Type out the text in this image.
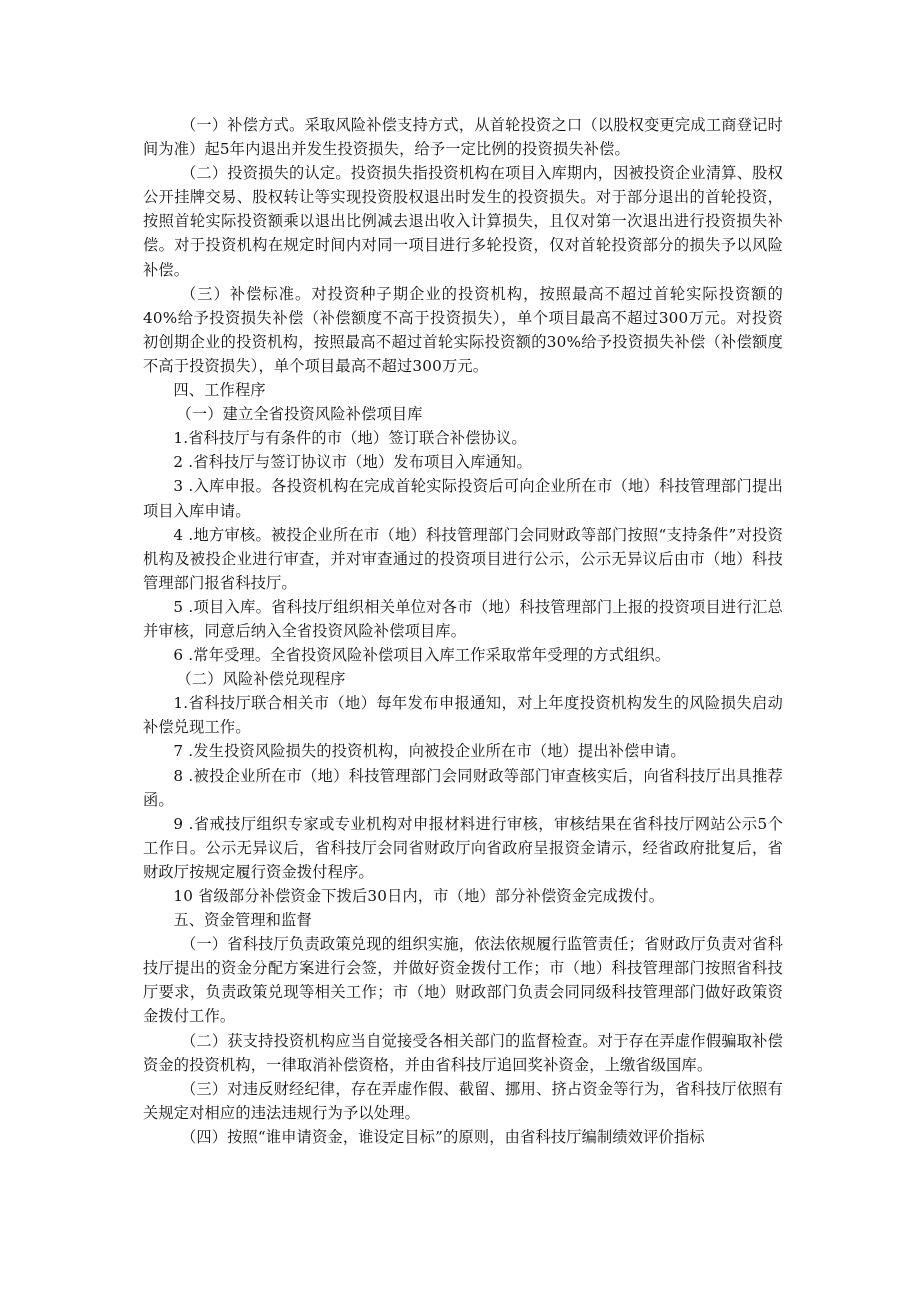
（一）补偿方式。采取风险补偿支持方式，从首轮投资之口（以股权变更完成工商登记时间为准）起5年内退出并发生投资损失，给予一定比例的投资损失补偿。

（二）投资损失的认定。投资损失指投资机构在项目入库期内，因被投资企业清算、股权公开挂牌交易、股权转让等实现投资股权退出时发生的投资损失。对于部分退出的首轮投资，按照首轮实际投资额乘以退出比例减去退出收入计算损失，且仅对第一次退出进行投资损失补偿。对于投资机构在规定时间内对同一项目进行多轮投资，仅对首轮投资部分的损失予以风险补偿。

（三）补偿标准。对投资种子期企业的投资机构，按照最高不超过首轮实际投资额的40%给予投资损失补偿（补偿额度不高于投资损失），单个项目最高不超过300万元。对投资初创期企业的投资机构，按照最高不超过首轮实际投资额的30%给予投资损失补偿（补偿额度不高于投资损失），单个项目最高不超过300万元。

四、工作程序

（一）建立全省投资风险补偿项目库

1.省科技厅与有条件的市（地）签订联合补偿协议。

2 .省科技厅与签订协议市（地）发布项目入库通知。

3 .入库申报。各投资机构在完成首轮实际投资后可向企业所在市（地）科技管理部门提出项目入库申请。

4 .地方审核。被投企业所在市（地）科技管理部门会同财政等部门按照“支持条件”对投资机构及被投企业进行审查，并对审查通过的投资项目进行公示，公示无异议后由市（地）科技管理部门报省科技厅。

5 .项目入库。省科技厅组织相关单位对各市（地）科技管理部门上报的投资项目进行汇总并审核，同意后纳入全省投资风险补偿项目库。

6 .常年受理。全省投资风险补偿项目入库工作采取常年受理的方式组织。

（二）风险补偿兑现程序

1.省科技厅联合相关市（地）每年发布申报通知，对上年度投资机构发生的风险损失启动补偿兑现工作。

7 .发生投资风险损失的投资机构，向被投企业所在市（地）提出补偿申请。

8 .被投企业所在市（地）科技管理部门会同财政等部门审查核实后，向省科技厅出具推荐函。

9 .省戒技厅组织专家或专业机构对申报材料进行审核，审核结果在省科技厅网站公示5个工作日。公示无异议后，省科技厅会同省财政厅向省政府呈报资金请示，经省政府批复后，省财政厅按规定履行资金拨付程序。

10 省级部分补偿资金下拨后30日内，市（地）部分补偿资金完成拨付。

五、资金管理和监督

（一）省科技厅负责政策兑现的组织实施，依法依规履行监管责任；省财政厅负责对省科技厅提出的资金分配方案进行会签，并做好资金拨付工作；市（地）科技管理部门按照省科技厅要求，负责政策兑现等相关工作；市（地）财政部门负责会同同级科技管理部门做好政策资金拨付工作。

（二）获支持投资机构应当自觉接受各相关部门的监督检查。对于存在弄虚作假骗取补偿资金的投资机构，一律取消补偿资格，并由省科技厅追回奖补资金，上缴省级国库。

（三）对违反财经纪律，存在弄虚作假、截留、挪用、挤占资金等行为，省科技厅依照有关规定对相应的违法违规行为予以处理。

（四）按照“谁申请资金，谁设定目标”的原则，由省科技厅编制绩效评价指标
